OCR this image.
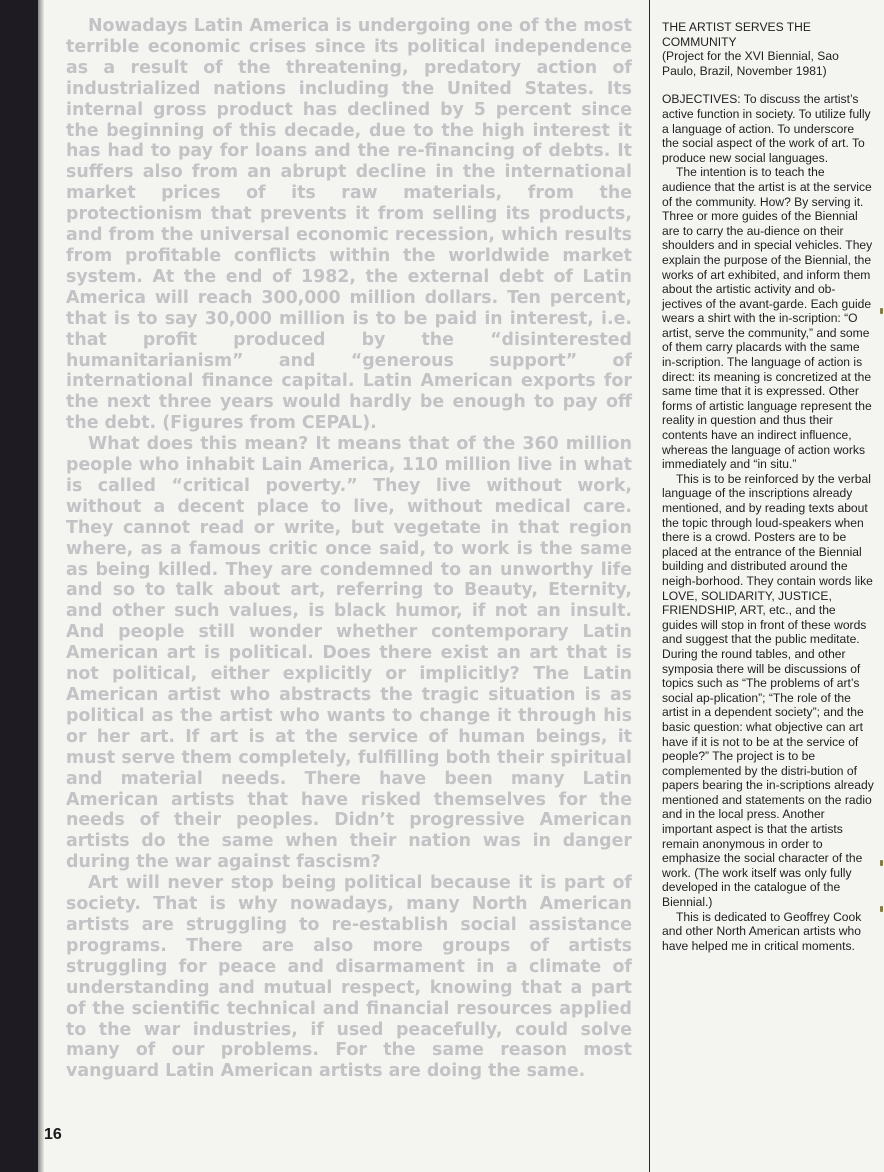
Nowadays Latin America is undergoing one of the most terrible economic crises since its political independence as a result of the threatening, predatory action of industrialized nations including the United States. Its internal gross product has declined by 5 percent since the beginning of this decade, due to the high interest it has had to pay for loans and the re-financing of debts. It suffers also from an abrupt decline in the international market prices of its raw materials, from the protectionism that prevents it from selling its products, and from the universal economic recession, which results from profitable conflicts within the worldwide market system. At the end of 1982, the external debt of Latin America will reach 300,000 million dollars. Ten percent, that is to say 30,000 million is to be paid in interest, i.e. that profit produced by the “disinterested humanitarianism” and “generous support” of international finance capital. Latin American exports for the next three years would hardly be enough to pay off the debt. (Figures from CEPAL).

What does this mean? It means that of the 360 million people who inhabit Lain America, 110 million live in what is called “critical poverty.” They live without work, without a decent place to live, without medical care. They cannot read or write, but vegetate in that region where, as a famous critic once said, to work is the same as being killed. They are condemned to an unworthy life and so to talk about art, referring to Beauty, Eternity, and other such values, is black humor, if not an insult. And people still wonder whether contemporary Latin American art is political. Does there exist an art that is not political, either explicitly or implicitly? The Latin American artist who abstracts the tragic situation is as political as the artist who wants to change it through his or her art. If art is at the service of human beings, it must serve them completely, fulfilling both their spiritual and material needs. There have been many Latin American artists that have risked themselves for the needs of their peoples. Didn’t progressive American artists do the same when their nation was in danger during the war against fascism?

Art will never stop being political because it is part of society. That is why nowadays, many North American artists are struggling to re-establish social assistance programs. There are also more groups of artists struggling for peace and disarmament in a climate of understanding and mutual respect, knowing that a part of the scientific technical and financial resources applied to the war industries, if used peacefully, could solve many of our problems. For the same reason most vanguard Latin American artists are doing the same.

THE ARTIST SERVES THE COMMUNITY

(Project for the XVI Biennial, Sao Paulo, Brazil, November 1981)

OBJECTIVES: To discuss the artist’s active function in society. To utilize fully a language of action. To underscore the social aspect of the work of art. To produce new social languages.

The intention is to teach the audience that the artist is at the service of the community. How? By serving it. Three or more guides of the Biennial are to carry the au-dience on their shoulders and in special vehicles. They explain the purpose of the Biennial, the works of art exhibited, and inform them about the artistic activity and ob-jectives of the avant-garde. Each guide wears a shirt with the in-scription: “O artist, serve the community,” and some of them carry placards with the same in-scription. The language of action is direct: its meaning is concretized at the same time that it is expressed. Other forms of artistic language represent the reality in question and thus their contents have an indirect influence, whereas the language of action works immediately and “in situ.”

This is to be reinforced by the verbal language of the inscriptions already mentioned, and by reading texts about the topic through loud-speakers when there is a crowd. Posters are to be placed at the entrance of the Biennial building and distributed around the neigh-borhood. They contain words like LOVE, SOLIDARITY, JUSTICE, FRIENDSHIP, ART, etc., and the guides will stop in front of these words and suggest that the public meditate. During the round tables, and other symposia there will be discussions of topics such as “The problems of art’s social ap-plication”; “The role of the artist in a dependent society”; and the basic question: what objective can art have if it is not to be at the service of people?” The project is to be complemented by the distri-bution of papers bearing the in-scriptions already mentioned and statements on the radio and in the local press. Another important aspect is that the artists remain anonymous in order to emphasize the social character of the work. (The work itself was only fully developed in the catalogue of the Biennial.)

This is dedicated to Geoffrey Cook and other North American artists who have helped me in critical moments.

16
